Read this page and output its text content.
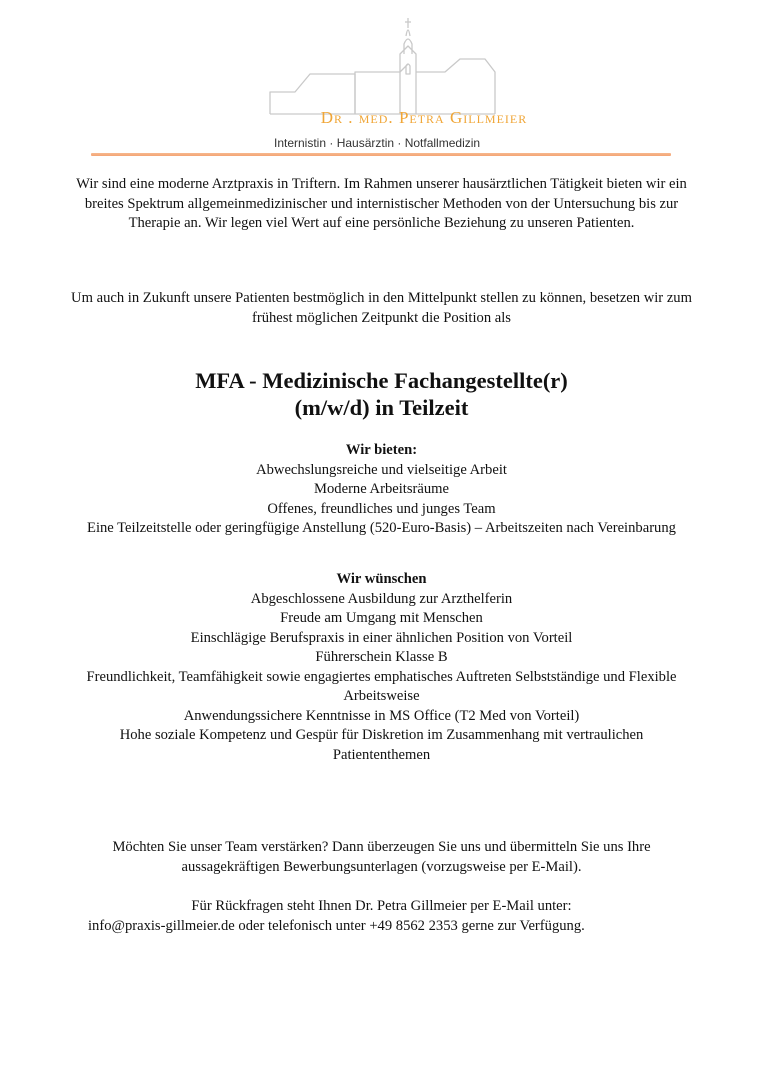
Dr . med. Petra Gillmeier
Internistin · Hausärztin · Notfallmedizin

Wir sind eine moderne Arztpraxis in Triftern. Im Rahmen unserer hausärztlichen Tätigkeit bieten wir ein breites Spektrum allgemeinmedizinischer und internistischer Methoden von der Untersuchung bis zur Therapie an. Wir legen viel Wert auf eine persönliche Beziehung zu unseren Patienten.

Um auch in Zukunft unsere Patienten bestmöglich in den Mittelpunkt stellen zu können, besetzen wir zum frühest möglichen Zeitpunkt die Position als

MFA - Medizinische Fachangestellte(r)
(m/w/d) in Teilzeit

Wir bieten:

Abwechslungsreiche und vielseitige Arbeit
Moderne Arbeitsräume
Offenes, freundliches und junges Team
Eine Teilzeitstelle oder geringfügige Anstellung (520-Euro-Basis) – Arbeitszeiten nach Vereinbarung

Wir wünschen

Abgeschlossene Ausbildung zur Arzthelferin
Freude am Umgang mit Menschen
Einschlägige Berufspraxis in einer ähnlichen Position von Vorteil
Führerschein Klasse B
Freundlichkeit, Teamfähigkeit sowie engagiertes emphatisches Auftreten Selbstständige und Flexible Arbeitsweise
Anwendungssichere Kenntnisse in MS Office (T2 Med von Vorteil)
Hohe soziale Kompetenz und Gespür für Diskretion im Zusammenhang mit vertraulichen Patiententhemen

Möchten Sie unser Team verstärken? Dann überzeugen Sie uns und übermitteln Sie uns Ihre aussagekräftigen Bewerbungsunterlagen (vorzugsweise per E-Mail).

Für Rückfragen steht Ihnen Dr. Petra Gillmeier per E-Mail unter:

info@praxis-gillmeier.de oder telefonisch unter +49 8562 2353 gerne zur Verfügung.
